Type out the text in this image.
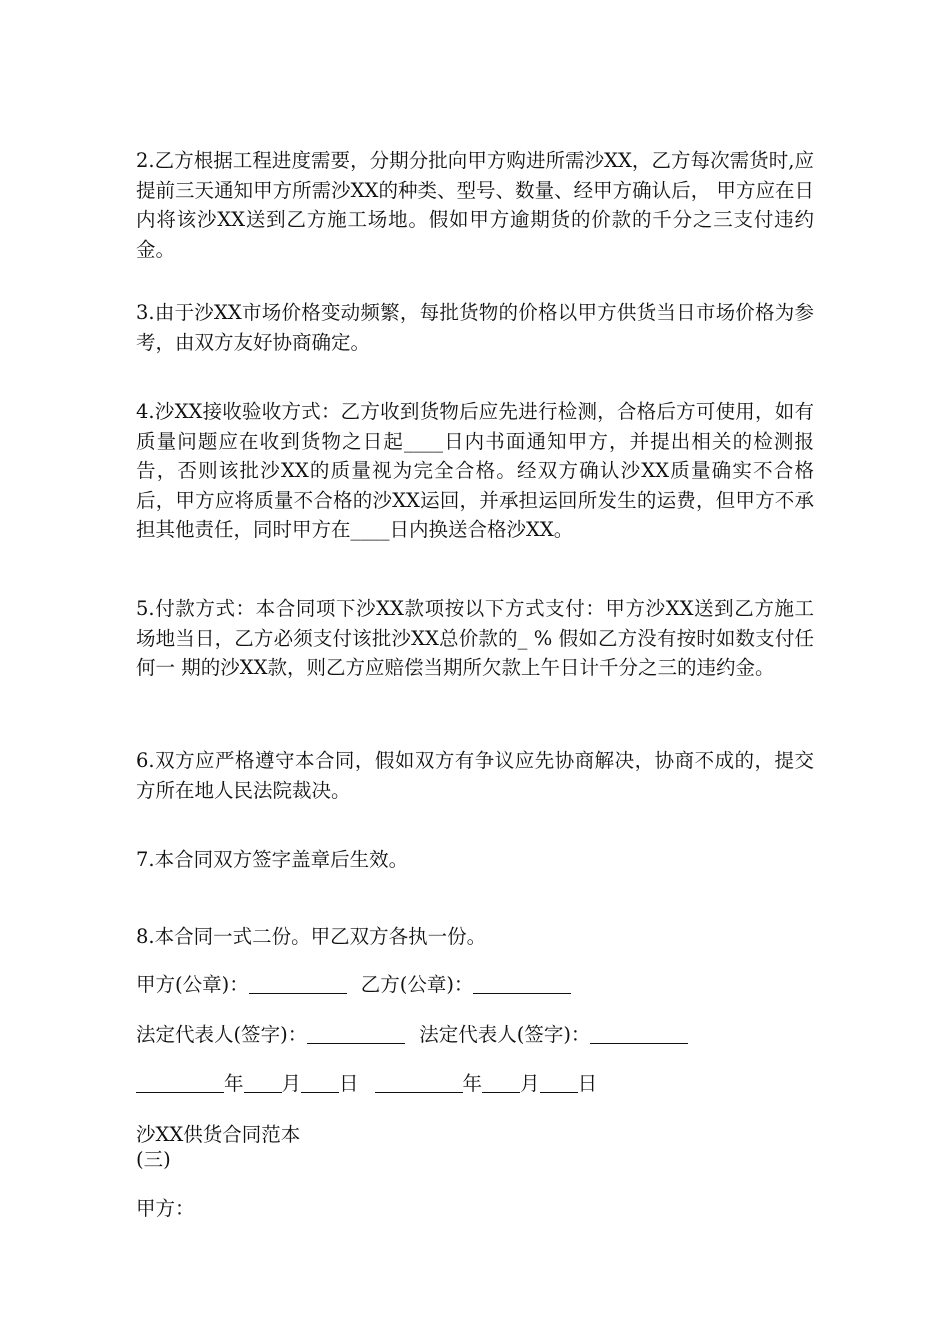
2.乙方根据工程进度需要，分期分批向甲方购进所需沙XX，乙方每次需货时,应提前三天通知甲方所需沙XX的种类、型号、数量、经甲方确认后， 甲方应在日内将该沙XX送到乙方施工场地。假如甲方逾期货的价款的千分之三支付违约金。

3.由于沙XX市场价格变动频繁，每批货物的价格以甲方供货当日市场价格为参考，由双方友好协商确定。

4.沙XX接收验收方式：乙方收到货物后应先进行检测，合格后方可使用，如有质量问题应在收到货物之日起____日内书面通知甲方，并提出相关的检测报告，否则该批沙XX的质量视为完全合格。经双方确认沙XX质量确实不合格后，甲方应将质量不合格的沙XX运回，并承担运回所发生的运费，但甲方不承担其他责任，同时甲方在____日内换送合格沙XX。

5.付款方式：本合同项下沙XX款项按以下方式支付：甲方沙XX送到乙方施工场地当日，乙方必须支付该批沙XX总价款的_ % 假如乙方没有按时如数支付任何一 期的沙XX款，则乙方应赔偿当期所欠款上午日计千分之三的违约金。

6.双方应严格遵守本合同，假如双方有争议应先协商解决，协商不成的，提交方所在地人民法院裁决。

7.本合同双方签字盖章后生效。

8.本合同一式二份。甲乙双方各执一份。

甲方(公章)：	乙方(公章)：
法定代表人(签字)：	法定代表人(签字)：
年 月 日	年 月 日

沙XX供货合同范本

(三)

甲方：
